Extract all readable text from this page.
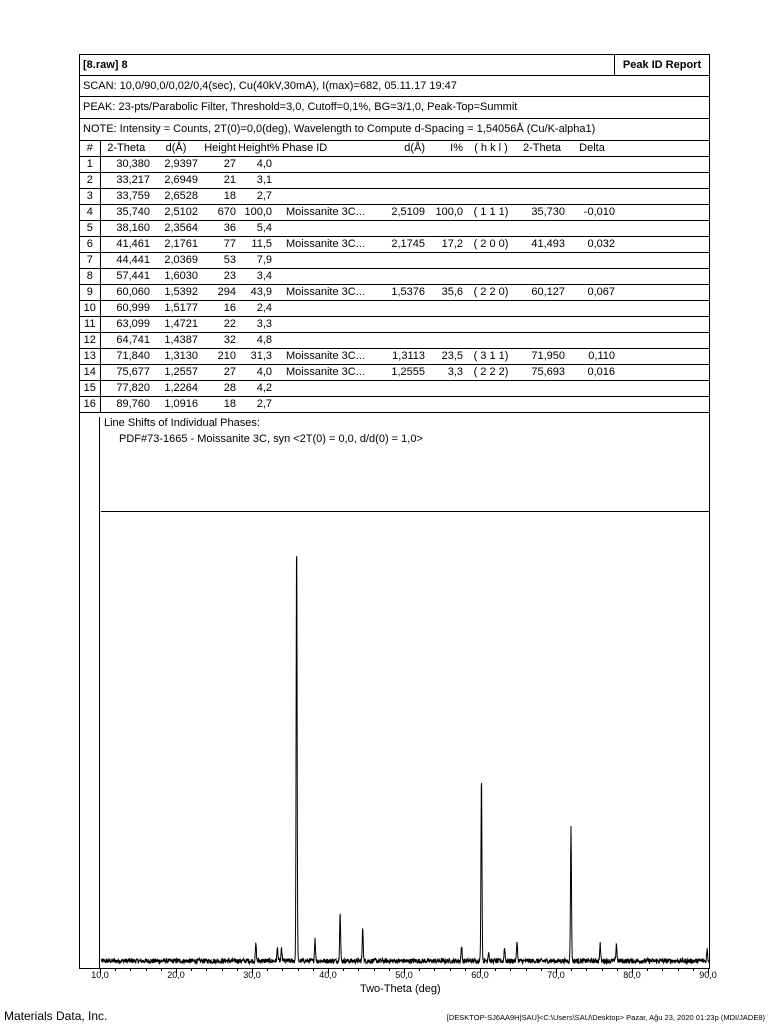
[8.raw] 8	Peak ID Report
SCAN: 10,0/90,0/0,02/0,4(sec), Cu(40kV,30mA), I(max)=682, 05.11.17 19:47
PEAK: 23-pts/Parabolic Filter, Threshold=3,0, Cutoff=0,1%, BG=3/1,0, Peak-Top=Summit
NOTE: Intensity = Counts, 2T(0)=0,0(deg), Wavelength to Compute d-Spacing = 1,54056Å (Cu/K-alpha1)
#	2-Theta	d(Å)	Height	Height%	Phase ID	d(Å)	I%	( h k l )	2-Theta	Delta	
1	30,380	2,9397	27	4,0							
2	33,217	2,6949	21	3,1							
3	33,759	2,6528	18	2,7							
4	35,740	2,5102	670	100,0	Moissanite 3C...	2,5109	100,0	( 1 1 1)	35,730	-0,010	
5	38,160	2,3564	36	5,4							
6	41,461	2,1761	77	11,5	Moissanite 3C...	2,1745	17,2	( 2 0 0)	41,493	0,032	
7	44,441	2,0369	53	7,9							
8	57,441	1,6030	23	3,4							
9	60,060	1,5392	294	43,9	Moissanite 3C...	1,5376	35,6	( 2 2 0)	60,127	0,067	
10	60,999	1,5177	16	2,4							
11	63,099	1,4721	22	3,3							
12	64,741	1,4387	32	4,8							
13	71,840	1,3130	210	31,3	Moissanite 3C...	1,3113	23,5	( 3 1 1)	71,950	0,110	
14	75,677	1,2557	27	4,0	Moissanite 3C...	1,2555	3,3	( 2 2 2)	75,693	0,016	
15	77,820	1,2264	28	4,2							
16	89,760	1,0916	18	2,7							
Line Shifts of Individual Phases:
PDF#73-1665 - Moissanite 3C, syn <2T(0) = 0,0, d/d(0) = 1,0>
10,0	20,0	30,0	40,0	50,0	60,0	70,0	80,0	90,0
Two-Theta (deg)
Materials Data, Inc.	[DESKTOP-SJ6AA9H|SAU]<C:\Users\SAU\Desktop> Pazar, Ağu 23, 2020 01:23p (MDI/JADE8)
